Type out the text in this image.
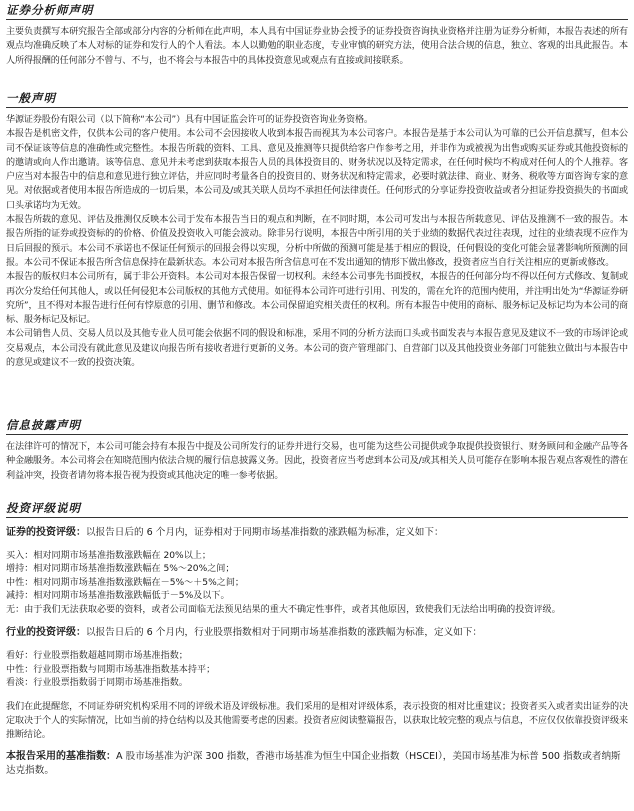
证券分析师声明

主要负责撰写本研究报告全部或部分内容的分析师在此声明，本人具有中国证券业协会授予的证券投资咨询执业资格并注册为证券分析师，本报告表述的所有观点均准确反映了本人对标的证券和发行人的个人看法。本人以勤勉的职业态度，专业审慎的研究方法，使用合法合规的信息，独立、客观的出具此报告。本人所得报酬的任何部分不曾与、不与，也不将会与本报告中的具体投资意见或观点有直接或间接联系。

一般声明

华源证券股份有限公司（以下简称“本公司”）具有中国证监会许可的证券投资咨询业务资格。

本报告是机密文件，仅供本公司的客户使用。本公司不会因接收人收到本报告而视其为本公司客户。本报告是基于本公司认为可靠的已公开信息撰写，但本公司不保证该等信息的准确性或完整性。本报告所载的资料、工具、意见及推测等只提供给客户作参考之用，并非作为或被视为出售或购买证券或其他投资标的的邀请或向人作出邀请。该等信息、意见并未考虑到获取本报告人员的具体投资目的、财务状况以及特定需求，在任何时候均不构成对任何人的个人推荐。客户应当对本报告中的信息和意见进行独立评估，并应同时考量各自的投资目的、财务状况和特定需求，必要时就法律、商业、财务、税收等方面咨询专家的意见。对依据或者使用本报告所造成的一切后果，本公司及/或其关联人员均不承担任何法律责任。任何形式的分享证券投资收益或者分担证券投资损失的书面或口头承诺均为无效。

本报告所载的意见、评估及推测仅反映本公司于发布本报告当日的观点和判断，在不同时期，本公司可发出与本报告所载意见、评估及推测不一致的报告。本报告所指的证券或投资标的的价格、价值及投资收入可能会波动。除非另行说明，本报告中所引用的关于业绩的数据代表过往表现，过往的业绩表现不应作为日后回报的预示。本公司不承诺也不保证任何预示的回报会得以实现，分析中所做的预测可能是基于相应的假设，任何假设的变化可能会显著影响所预测的回报。本公司不保证本报告所含信息保持在最新状态。本公司对本报告所含信息可在不发出通知的情形下做出修改，投资者应当自行关注相应的更新或修改。

本报告的版权归本公司所有，属于非公开资料。本公司对本报告保留一切权利。未经本公司事先书面授权，本报告的任何部分均不得以任何方式修改、复制或再次分发给任何其他人，或以任何侵犯本公司版权的其他方式使用。如征得本公司许可进行引用、刊发的，需在允许的范围内使用，并注明出处为“华源证券研究所”，且不得对本报告进行任何有悖原意的引用、删节和修改。本公司保留追究相关责任的权利。所有本报告中使用的商标、服务标记及标记均为本公司的商标、服务标记及标记。

本公司销售人员、交易人员以及其他专业人员可能会依据不同的假设和标准，采用不同的分析方法而口头或书面发表与本报告意见及建议不一致的市场评论或交易观点，本公司没有就此意见及建议向报告所有接收者进行更新的义务。本公司的资产管理部门、自营部门以及其他投资业务部门可能独立做出与本报告中的意见或建议不一致的投资决策。

信息披露声明

在法律许可的情况下，本公司可能会持有本报告中提及公司所发行的证券并进行交易，也可能为这些公司提供或争取提供投资银行、财务顾问和金融产品等各种金融服务。本公司将会在知晓范围内依法合规的履行信息披露义务。因此，投资者应当考虑到本公司及/或其相关人员可能存在影响本报告观点客观性的潜在利益冲突，投资者请勿将本报告视为投资或其他决定的唯一参考依据。

投资评级说明

证券的投资评级：以报告日后的 6 个月内，证券相对于同期市场基准指数的涨跌幅为标准，定义如下：

买入：相对同期市场基准指数涨跌幅在 20%以上；

增持：相对同期市场基准指数涨跌幅在 5%～20%之间；

中性：相对同期市场基准指数涨跌幅在－5%～＋5%之间；

减持：相对同期市场基准指数涨跌幅低于－5%及以下。

无：由于我们无法获取必要的资料，或者公司面临无法预见结果的重大不确定性事件，或者其他原因，致使我们无法给出明确的投资评级。

行业的投资评级：以报告日后的 6 个月内，行业股票指数相对于同期市场基准指数的涨跌幅为标准，定义如下：

看好：行业股票指数超越同期市场基准指数；

中性：行业股票指数与同期市场基准指数基本持平；

看淡：行业股票指数弱于同期市场基准指数。

我们在此提醒您，不同证券研究机构采用不同的评级术语及评级标准。我们采用的是相对评级体系，表示投资的相对比重建议；投资者买入或者卖出证券的决定取决于个人的实际情况，比如当前的持仓结构以及其他需要考虑的因素。投资者应阅读整篇报告，以获取比较完整的观点与信息，不应仅仅依靠投资评级来推断结论。

本报告采用的基准指数：A 股市场基准为沪深 300 指数，香港市场基准为恒生中国企业指数（HSCEI），美国市场基准为标普 500 指数或者纳斯达克指数。
